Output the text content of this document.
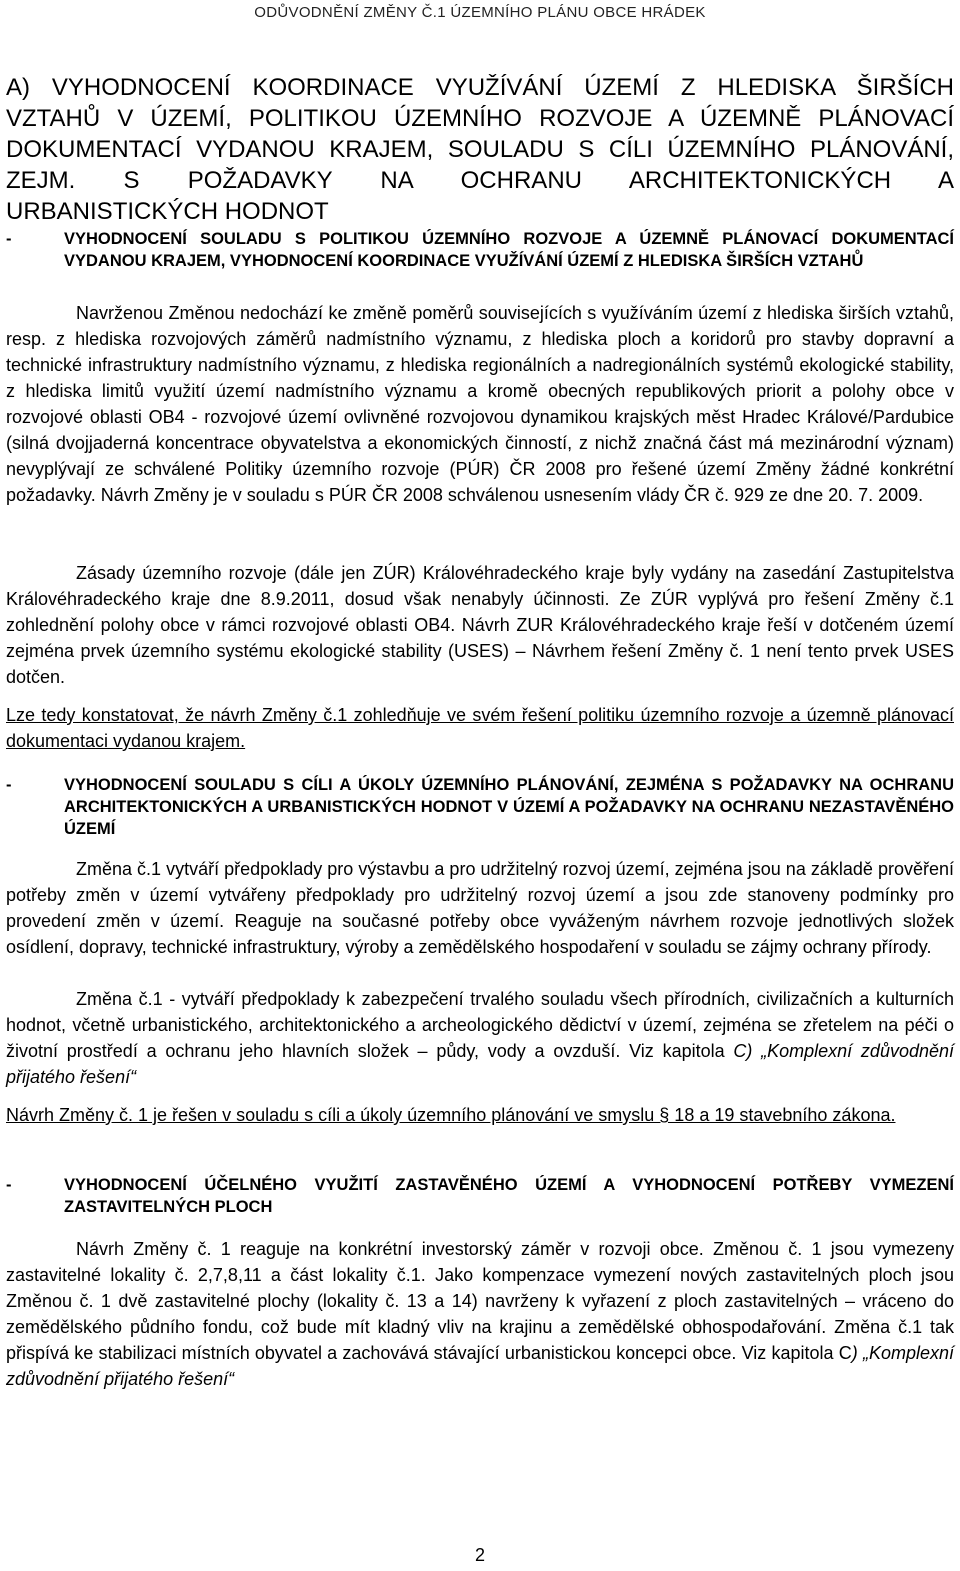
ODŮVODNĚNÍ ZMĚNY Č.1 ÚZEMNÍHO PLÁNU OBCE HRÁDEK
A) VYHODNOCENÍ KOORDINACE VYUŽÍVÁNÍ ÚZEMÍ Z HLEDISKA ŠIRŠÍCH
VZTAHŮ V ÚZEMÍ, POLITIKOU ÚZEMNÍHO ROZVOJE A ÚZEMNĚ PLÁNOVACÍ
DOKUMENTACÍ VYDANOU KRAJEM, SOULADU S CÍLI ÚZEMNÍHO PLÁNOVÁNÍ,
ZEJM. S POŽADAVKY NA OCHRANU ARCHITEKTONICKÝCH A
URBANISTICKÝCH HODNOT
-	VYHODNOCENÍ SOULADU S POLITIKOU ÚZEMNÍHO ROZVOJE A ÚZEMNĚ PLÁNOVACÍ DOKUMENTACÍ VYDANOU KRAJEM, VYHODNOCENÍ KOORDINACE VYUŽÍVÁNÍ ÚZEMÍ Z HLEDISKA ŠIRŠÍCH VZTAHŮ

Navrženou Změnou nedochází ke změně poměrů souvisejících s využíváním území z hlediska širších vztahů, resp. z hlediska rozvojových záměrů nadmístního významu, z hlediska ploch a koridorů pro stavby dopravní a technické infrastruktury nadmístního významu, z hlediska regionálních a nadregionálních systémů ekologické stability, z hlediska limitů využití území nadmístního významu a kromě obecných republikových priorit a polohy obce v rozvojové oblasti OB4 - rozvojové území ovlivněné rozvojovou dynamikou krajských měst Hradec Králové/Pardubice (silná dvojjaderná koncentrace obyvatelstva a ekonomických činností, z nichž značná část má mezinárodní význam) nevyplývají ze schválené Politiky územního rozvoje (PÚR) ČR 2008 pro řešené území Změny žádné konkrétní požadavky. Návrh Změny je v souladu s PÚR ČR 2008 schválenou usnesením vlády ČR č. 929 ze dne 20. 7. 2009.

Zásady územního rozvoje (dále jen ZÚR) Královéhradeckého kraje byly vydány na zasedání Zastupitelstva Královéhradeckého kraje dne 8.9.2011, dosud však nenabyly účinnosti. Ze ZÚR vyplývá pro řešení Změny č.1 zohlednění polohy obce v rámci rozvojové oblasti OB4. Návrh ZUR Královéhradeckého kraje řeší v dotčeném území zejména prvek územního systému ekologické stability (USES) – Návrhem řešení Změny č. 1 není tento prvek USES dotčen.

Lze tedy konstatovat, že návrh Změny č.1 zohledňuje ve svém řešení politiku územního rozvoje a územně plánovací dokumentaci vydanou krajem.

-	VYHODNOCENÍ SOULADU S CÍLI A ÚKOLY ÚZEMNÍHO PLÁNOVÁNÍ, ZEJMÉNA S POŽADAVKY NA OCHRANU ARCHITEKTONICKÝCH A URBANISTICKÝCH HODNOT V ÚZEMÍ A POŽADAVKY NA OCHRANU NEZASTAVĚNÉHO ÚZEMÍ

Změna č.1 vytváří předpoklady pro výstavbu a pro udržitelný rozvoj území, zejména jsou na základě prověření potřeby změn v území vytvářeny předpoklady pro udržitelný rozvoj území a jsou zde stanoveny podmínky pro provedení změn v území. Reaguje na současné potřeby obce vyváženým návrhem rozvoje jednotlivých složek osídlení, dopravy, technické infrastruktury, výroby a zemědělského hospodaření v souladu se zájmy ochrany přírody.

Změna č.1 - vytváří předpoklady k zabezpečení trvalého souladu všech přírodních, civilizačních a kulturních hodnot, včetně urbanistického, architektonického a archeologického dědictví v území, zejména se zřetelem na péči o životní prostředí a ochranu jeho hlavních složek – půdy, vody a ovzduší. Viz kapitola C) „Komplexní zdůvodnění přijatého řešení“

Návrh Změny č. 1 je řešen v souladu s cíli a úkoly územního plánování ve smyslu § 18 a 19 stavebního zákona.

-	VYHODNOCENÍ ÚČELNÉHO VYUŽITÍ ZASTAVĚNÉHO ÚZEMÍ A VYHODNOCENÍ POTŘEBY VYMEZENÍ ZASTAVITELNÝCH PLOCH

Návrh Změny č. 1 reaguje na konkrétní investorský záměr v rozvoji obce. Změnou č. 1 jsou vymezeny zastavitelné lokality č. 2,7,8,11 a část lokality č.1. Jako kompenzace vymezení nových zastavitelných ploch jsou Změnou č. 1 dvě zastavitelné plochy (lokality č. 13 a 14) navrženy k vyřazení z ploch zastavitelných – vráceno do zemědělského půdního fondu, což bude mít kladný vliv na krajinu a zemědělské obhospodařování. Změna č.1 tak přispívá ke stabilizaci místních obyvatel a zachovává stávající urbanistickou koncepci obce. Viz kapitola C) „Komplexní zdůvodnění přijatého řešení“

2
